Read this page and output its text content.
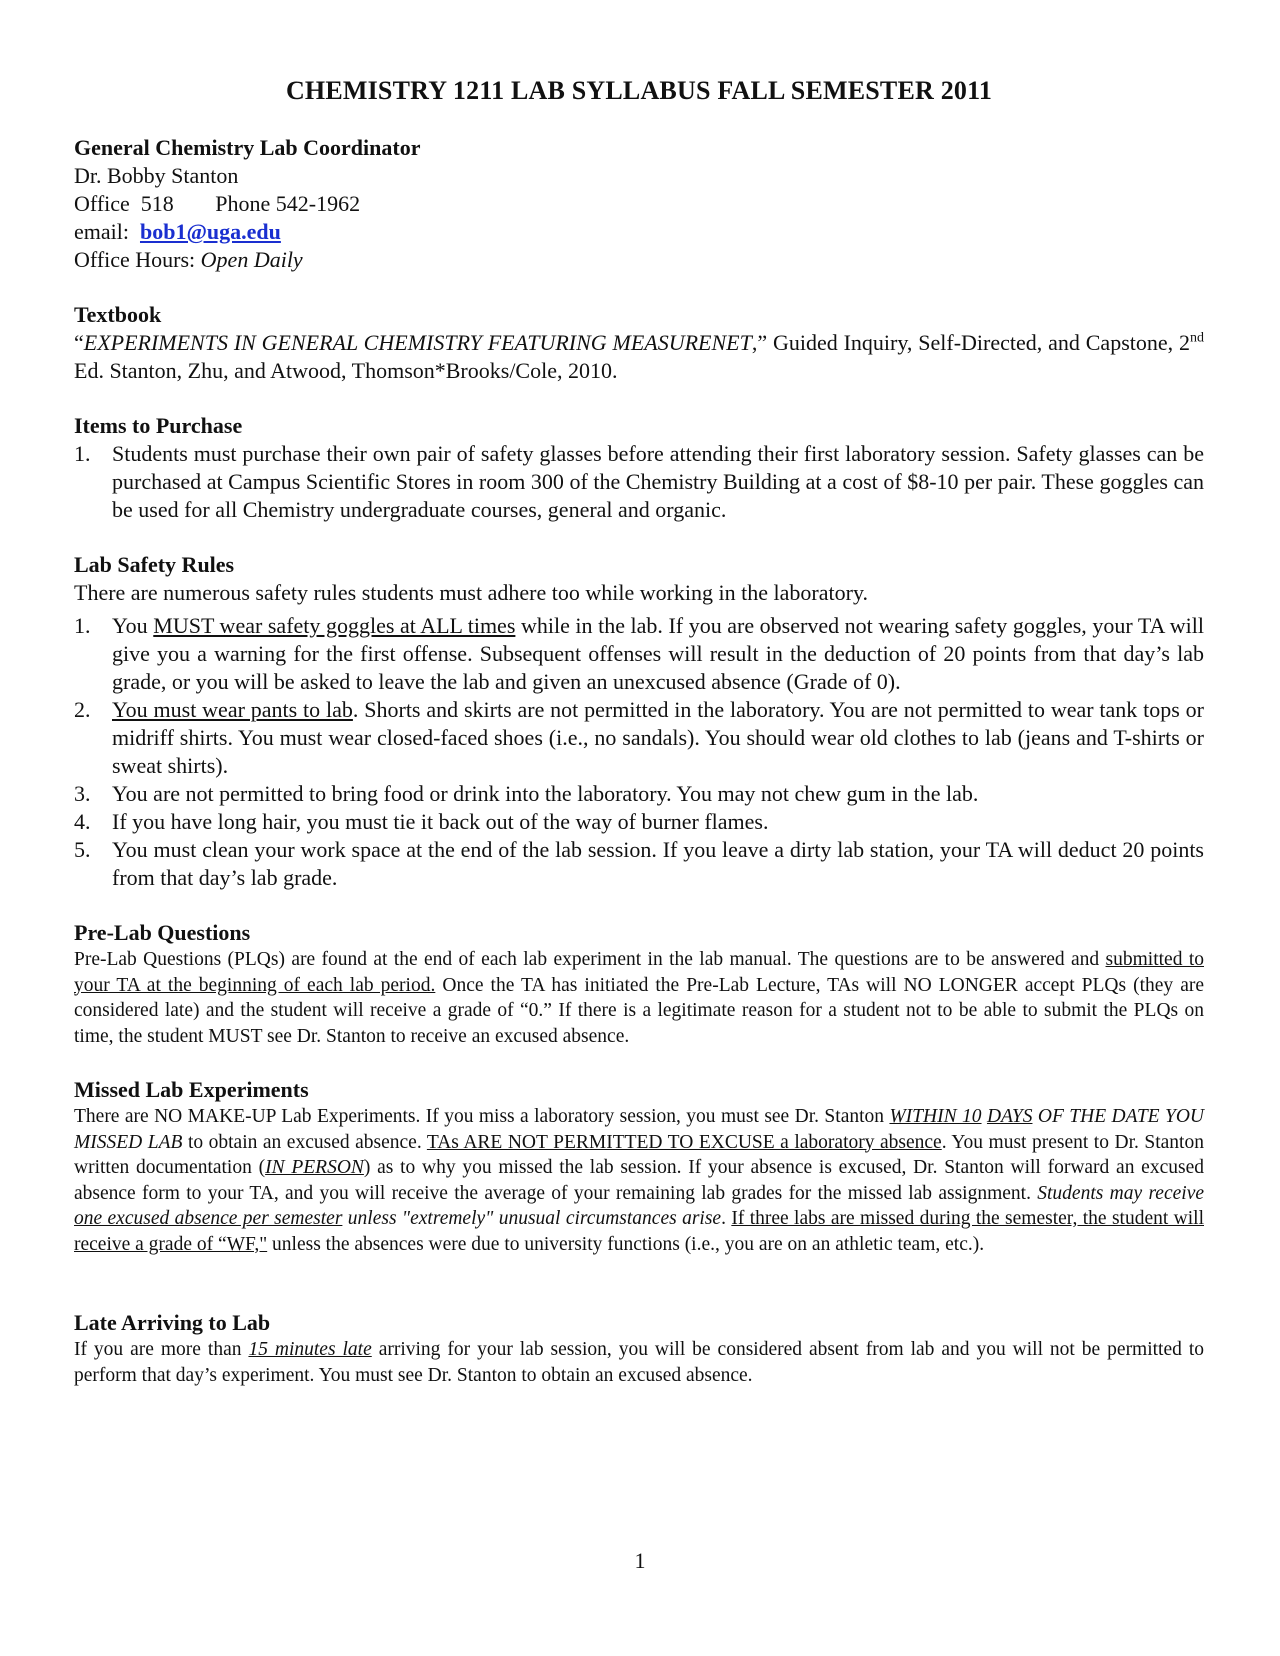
CHEMISTRY 1211 LAB SYLLABUS FALL SEMESTER 2011

General Chemistry Lab Coordinator

Dr. Bobby Stanton

Office 518 Phone 542-1962

email: bob1@uga.edu

Office Hours: Open Daily

Textbook

“EXPERIMENTS IN GENERAL CHEMISTRY FEATURING MEASURENET,” Guided Inquiry, Self-Directed, and Capstone, 2nd Ed. Stanton, Zhu, and Atwood, Thomson*Brooks/Cole, 2010.

Items to Purchase

1. Students must purchase their own pair of safety glasses before attending their first laboratory session. Safety glasses can be purchased at Campus Scientific Stores in room 300 of the Chemistry Building at a cost of $8-10 per pair. These goggles can be used for all Chemistry undergraduate courses, general and organic.

Lab Safety Rules

There are numerous safety rules students must adhere too while working in the laboratory.

1. You MUST wear safety goggles at ALL times while in the lab. If you are observed not wearing safety goggles, your TA will give you a warning for the first offense. Subsequent offenses will result in the deduction of 20 points from that day’s lab grade, or you will be asked to leave the lab and given an unexcused absence (Grade of 0).
2. You must wear pants to lab. Shorts and skirts are not permitted in the laboratory. You are not permitted to wear tank tops or midriff shirts. You must wear closed-faced shoes (i.e., no sandals). You should wear old clothes to lab (jeans and T-shirts or sweat shirts).
3. You are not permitted to bring food or drink into the laboratory. You may not chew gum in the lab.
4. If you have long hair, you must tie it back out of the way of burner flames.
5. You must clean your work space at the end of the lab session. If you leave a dirty lab station, your TA will deduct 20 points from that day’s lab grade.

Pre-Lab Questions

Pre-Lab Questions (PLQs) are found at the end of each lab experiment in the lab manual. The questions are to be answered and submitted to your TA at the beginning of each lab period. Once the TA has initiated the Pre-Lab Lecture, TAs will NO LONGER accept PLQs (they are considered late) and the student will receive a grade of “0.” If there is a legitimate reason for a student not to be able to submit the PLQs on time, the student MUST see Dr. Stanton to receive an excused absence.

Missed Lab Experiments

There are NO MAKE-UP Lab Experiments. If you miss a laboratory session, you must see Dr. Stanton WITHIN 10 DAYS OF THE DATE YOU MISSED LAB to obtain an excused absence. TAs ARE NOT PERMITTED TO EXCUSE a laboratory absence. You must present to Dr. Stanton written documentation (IN PERSON) as to why you missed the lab session. If your absence is excused, Dr. Stanton will forward an excused absence form to your TA, and you will receive the average of your remaining lab grades for the missed lab assignment. Students may receive one excused absence per semester unless "extremely" unusual circumstances arise. If three labs are missed during the semester, the student will receive a grade of “WF," unless the absences were due to university functions (i.e., you are on an athletic team, etc.).

Late Arriving to Lab

If you are more than 15 minutes late arriving for your lab session, you will be considered absent from lab and you will not be permitted to perform that day’s experiment. You must see Dr. Stanton to obtain an excused absence.

1
